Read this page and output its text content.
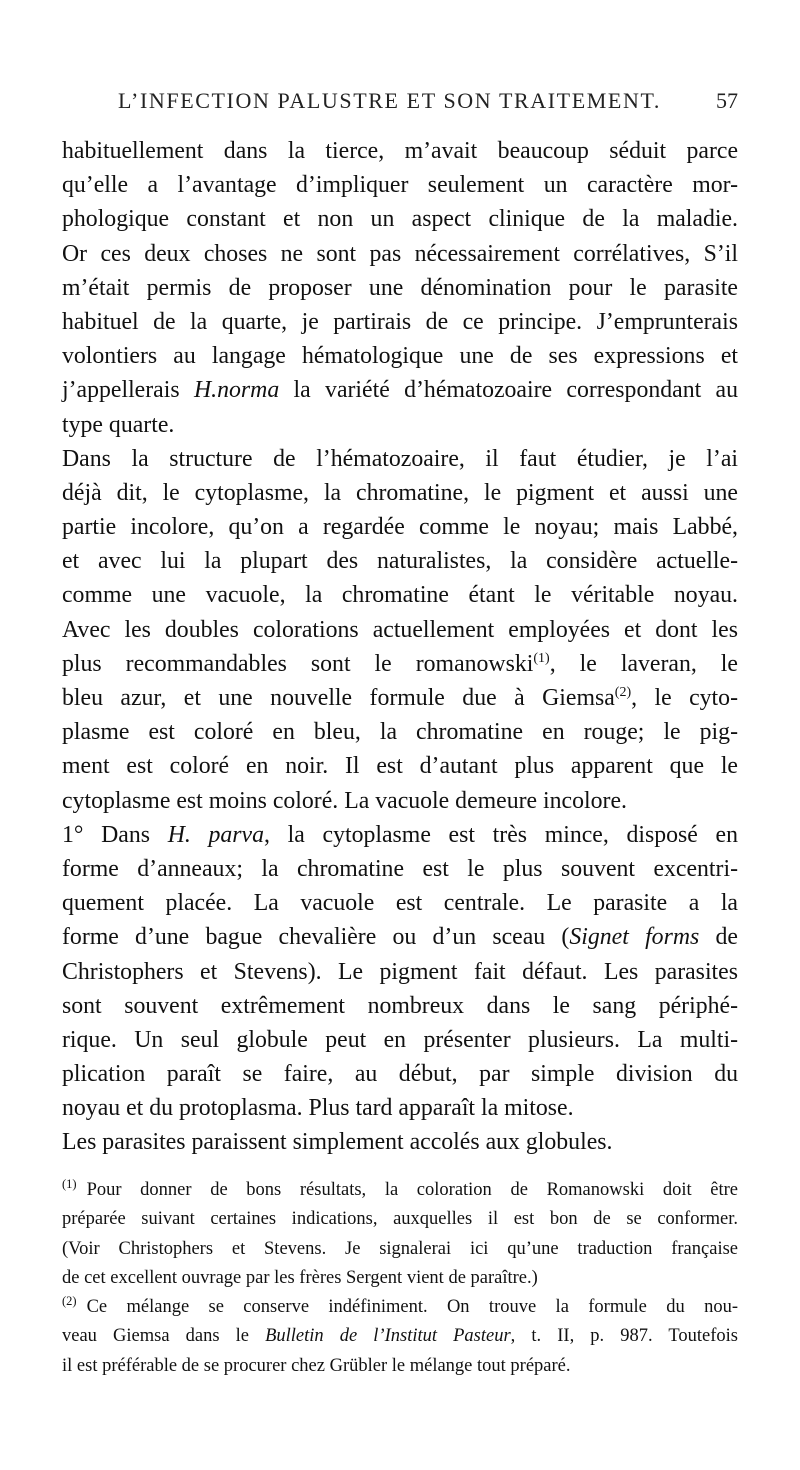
L’INFECTION PALUSTRE ET SON TRAITEMENT.	57
habituellement dans la tierce, m’avait beaucoup séduit parce
qu’elle a l’avantage d’impliquer seulement un caractère mor-
phologique constant et non un aspect clinique de la maladie.
Or ces deux choses ne sont pas nécessairement corrélatives, S’il
m’était permis de proposer une dénomination pour le parasite
habituel de la quarte, je partirais de ce principe. J’emprunterais
volontiers au langage hématologique une de ses expressions et
j’appellerais H.norma la variété d’hématozoaire correspondant au
type quarte.
Dans la structure de l’hématozoaire, il faut étudier, je l’ai
déjà dit, le cytoplasme, la chromatine, le pigment et aussi une
partie incolore, qu’on a regardée comme le noyau; mais Labbé,
et avec lui la plupart des naturalistes, la considère actuelle-
comme une vacuole, la chromatine étant le véritable noyau.
Avec les doubles colorations actuellement employées et dont les
plus recommandables sont le romanowski$^{(1)}$, le laveran, le
bleu azur, et une nouvelle formule due à Giemsa$^{(2)}$, le cyto-
plasme est coloré en bleu, la chromatine en rouge; le pig-
ment est coloré en noir. Il est d’autant plus apparent que le
cytoplasme est moins coloré. La vacuole demeure incolore.
1° Dans H. parva, la cytoplasme est très mince, disposé en
forme d’anneaux; la chromatine est le plus souvent excentri-
quement placée. La vacuole est centrale. Le parasite a la
forme d’une bague chevalière ou d’un sceau (Signet forms de
Christophers et Stevens). Le pigment fait défaut. Les parasites
sont souvent extrêmement nombreux dans le sang périphé-
rique. Un seul globule peut en présenter plusieurs. La multi-
plication paraît se faire, au début, par simple division du
noyau et du protoplasma. Plus tard apparaît la mitose.
Les parasites paraissent simplement accolés aux globules.
$^{(1)}$ Pour donner de bons résultats, la coloration de Romanowski doit être
préparée suivant certaines indications, auxquelles il est bon de se conformer.
(Voir Christophers et Stevens. Je signalerai ici qu’une traduction française
de cet excellent ouvrage par les frères Sergent vient de paraître.)
$^{(2)}$ Ce mélange se conserve indéfiniment. On trouve la formule du nou-
veau Giemsa dans le Bulletin de l’Institut Pasteur, t. II, p. 987. Toutefois
il est préférable de se procurer chez Grübler le mélange tout préparé.
